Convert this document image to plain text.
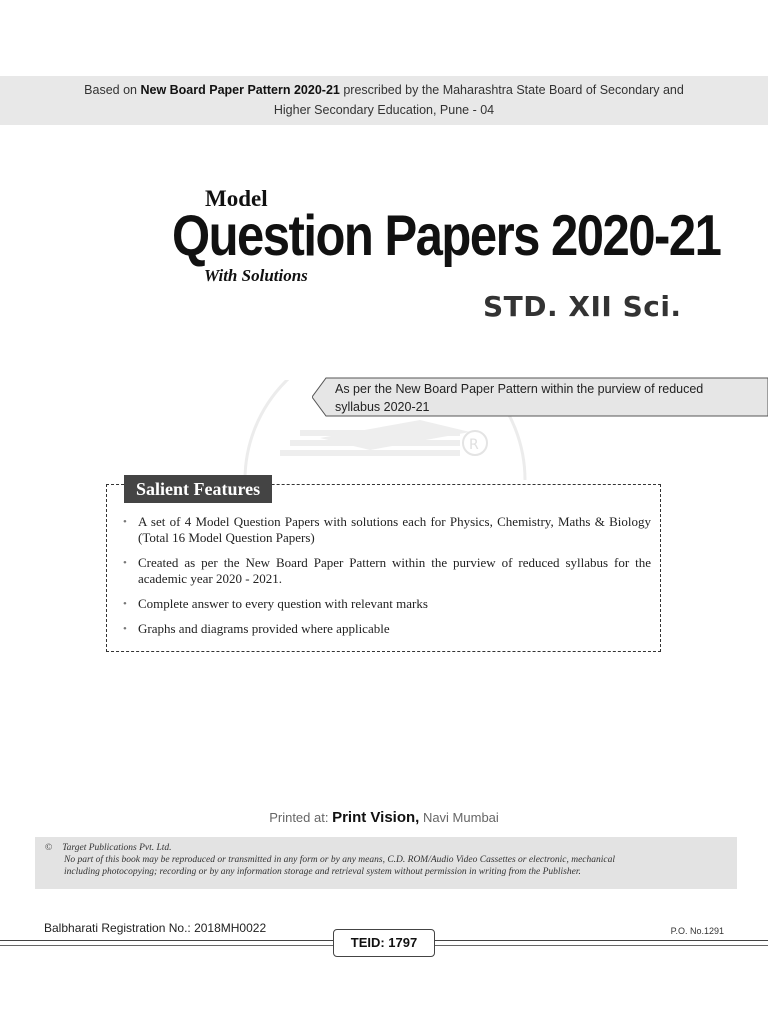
Based on New Board Paper Pattern 2020-21 prescribed by the Maharashtra State Board of Secondary and
Higher Secondary Education, Pune - 04
Model
Question Papers 2020-21
With Solutions
STD. XII Sci.
R
As per the New Board Paper Pattern within the purview of reduced
syllabus 2020-21
Salient Features
• A set of 4 Model Question Papers with solutions each for Physics, Chemistry, Maths & Biology (Total 16 Model Question Papers)
• Created as per the New Board Paper Pattern within the purview of reduced syllabus for the academic year 2020 - 2021.
• Complete answer to every question with relevant marks
• Graphs and diagrams provided where applicable
Printed at: Print Vision, Navi Mumbai
© Target Publications Pvt. Ltd.
No part of this book may be reproduced or transmitted in any form or by any means, C.D. ROM/Audio Video Cassettes or electronic, mechanical
including photocopying; recording or by any information storage and retrieval system without permission in writing from the Publisher.
Balbharati Registration No.: 2018MH0022	P.O. No.1291
TEID: 1797
